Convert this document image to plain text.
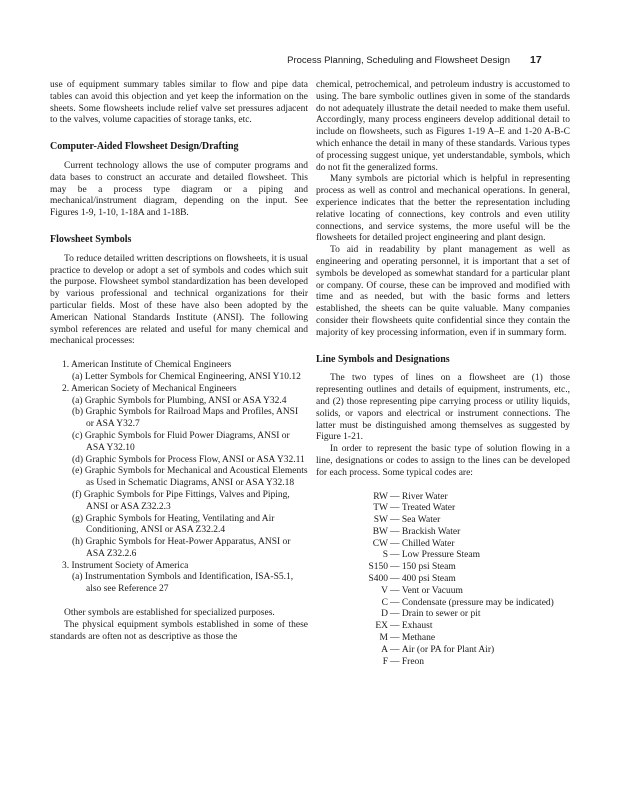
Process Planning, Scheduling and Flowsheet Design 17

use of equipment summary tables similar to flow and pipe data tables can avoid this objection and yet keep the information on the sheets. Some flowsheets include relief valve set pressures adjacent to the valves, volume capacities of storage tanks, etc.

Computer-Aided Flowsheet Design/Drafting

Current technology allows the use of computer programs and data bases to construct an accurate and detailed flowsheet. This may be a process type diagram or a piping and mechanical/instrument diagram, depending on the input. See Figures 1-9, 1-10, 1-18A and 1-18B.

Flowsheet Symbols

To reduce detailed written descriptions on flowsheets, it is usual practice to develop or adopt a set of symbols and codes which suit the purpose. Flowsheet symbol standardization has been developed by various professional and technical organizations for their particular fields. Most of these have also been adopted by the American National Standards Institute (ANSI). The following symbol references are related and useful for many chemical and mechanical processes:

1. American Institute of Chemical Engineers
(a) Letter Symbols for Chemical Engineering, ANSI Y10.12
2. American Society of Mechanical Engineers
(a) Graphic Symbols for Plumbing, ANSI or ASA Y32.4
(b) Graphic Symbols for Railroad Maps and Profiles, ANSI or ASA Y32.7
(c) Graphic Symbols for Fluid Power Diagrams, ANSI or ASA Y32.10
(d) Graphic Symbols for Process Flow, ANSI or ASA Y32.11
(e) Graphic Symbols for Mechanical and Acoustical Elements as Used in Schematic Diagrams, ANSI or ASA Y32.18
(f) Graphic Symbols for Pipe Fittings, Valves and Piping, ANSI or ASA Z32.2.3
(g) Graphic Symbols for Heating, Ventilating and Air Conditioning, ANSI or ASA Z32.2.4
(h) Graphic Symbols for Heat-Power Apparatus, ANSI or ASA Z32.2.6
3. Instrument Society of America
(a) Instrumentation Symbols and Identification, ISA-S5.1, also see Reference 27

Other symbols are established for specialized purposes.

The physical equipment symbols established in some of these standards are often not as descriptive as those the

chemical, petrochemical, and petroleum industry is accustomed to using. The bare symbolic outlines given in some of the standards do not adequately illustrate the detail needed to make them useful. Accordingly, many process engineers develop additional detail to include on flowsheets, such as Figures 1-19 A–E and 1-20 A-B-C which enhance the detail in many of these standards. Various types of processing suggest unique, yet understandable, symbols, which do not fit the generalized forms.

Many symbols are pictorial which is helpful in representing process as well as control and mechanical operations. In general, experience indicates that the better the representation including relative locating of connections, key controls and even utility connections, and service systems, the more useful will be the flowsheets for detailed project engineering and plant design.

To aid in readability by plant management as well as engineering and operating personnel, it is important that a set of symbols be developed as somewhat standard for a particular plant or company. Of course, these can be improved and modified with time and as needed, but with the basic forms and letters established, the sheets can be quite valuable. Many companies consider their flowsheets quite confidential since they contain the majority of key processing information, even if in summary form.

Line Symbols and Designations

The two types of lines on a flowsheet are (1) those representing outlines and details of equipment, instruments, etc., and (2) those representing pipe carrying process or utility liquids, solids, or vapors and electrical or instrument connections. The latter must be distinguished among themselves as suggested by Figure 1-21.

In order to represent the basic type of solution flowing in a line, designations or codes to assign to the lines can be developed for each process. Some typical codes are:

RW — River Water
TW — Treated Water
SW — Sea Water
BW — Brackish Water
CW — Chilled Water
S — Low Pressure Steam
S150 — 150 psi Steam
S400 — 400 psi Steam
V — Vent or Vacuum
C — Condensate (pressure may be indicated)
D — Drain to sewer or pit
EX — Exhaust
M — Methane
A — Air (or PA for Plant Air)
F — Freon
